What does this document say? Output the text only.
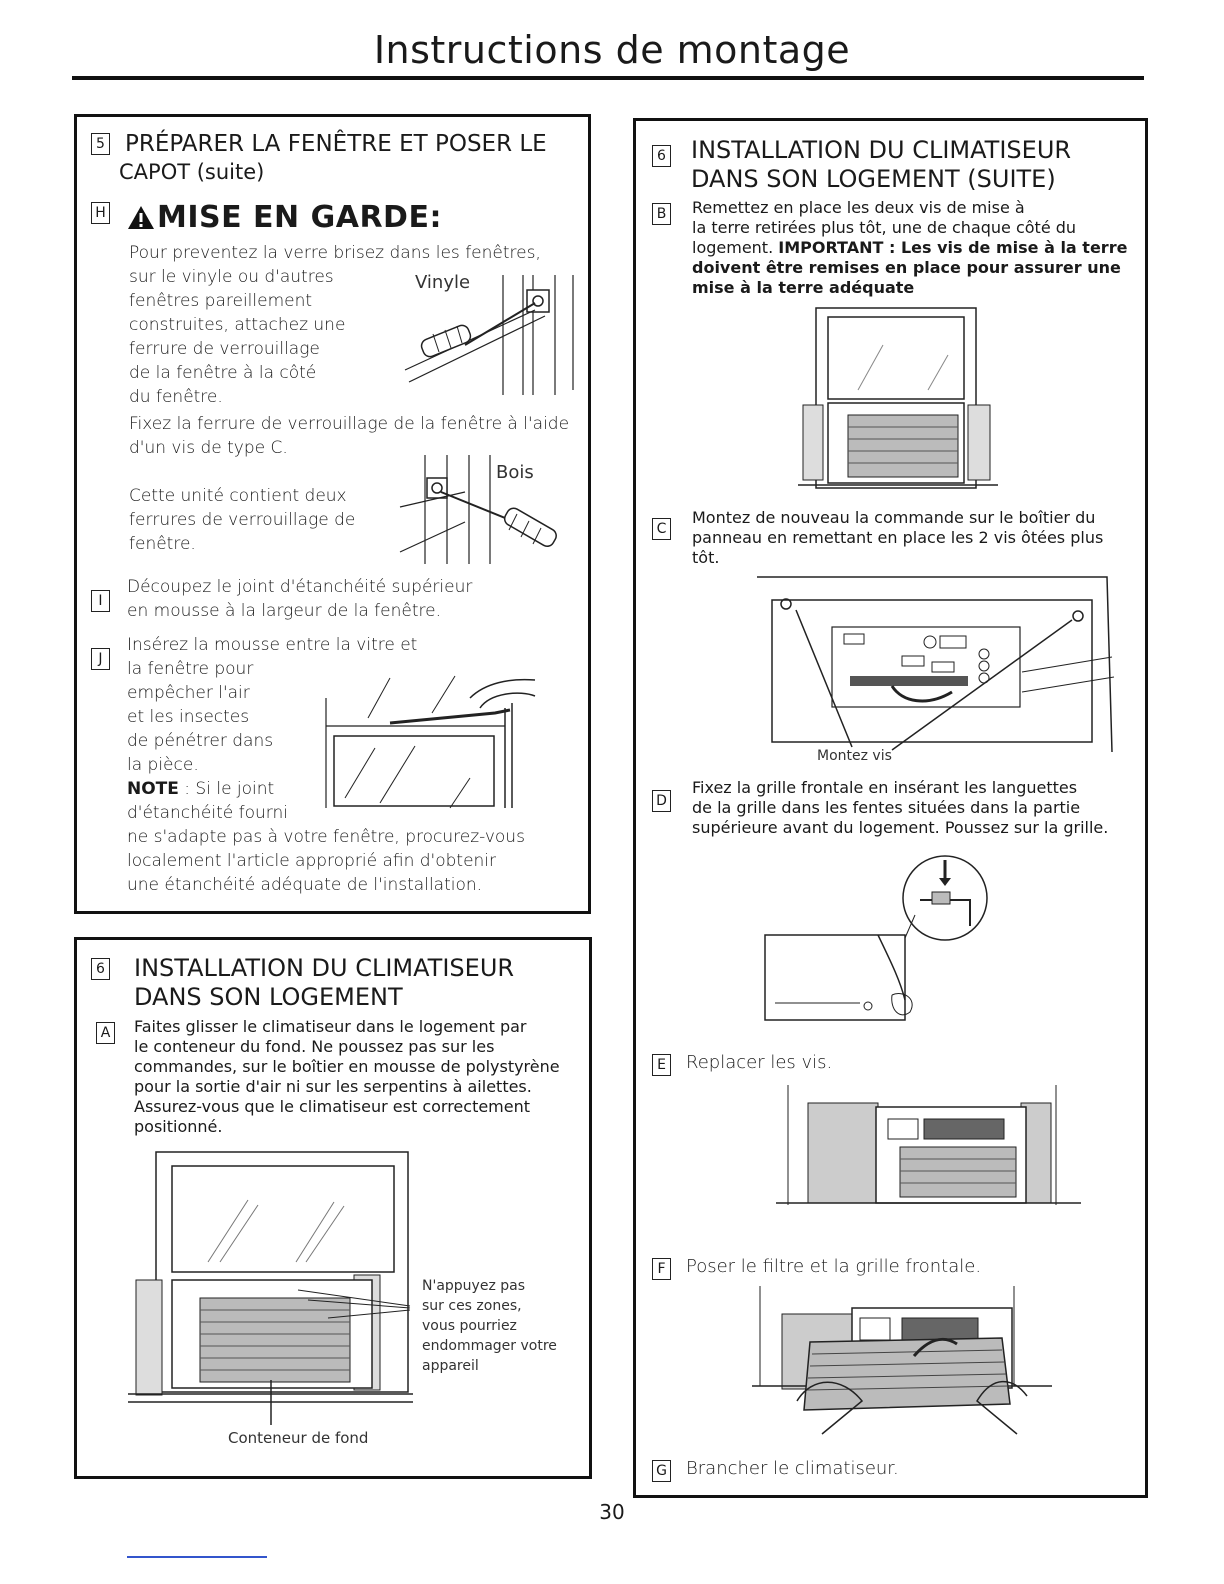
Instructions de montage
5 PRÉPARER LA FENÊTRE ET POSER LE
CAPOT (suite)
H MISE EN GARDE:
Pour preventez la verre brisez dans les fenêtres,
sur le vinyle ou d'autres
fenêtres pareillement
construites, attachez une
ferrure de verrouillage
de la fenêtre à la côté
du fenêtre.
Vinyle
Fixez la ferrure de verrouillage de la fenêtre à l'aide
d'un vis de type C.
Bois
Cette unité contient deux
ferrures de verrouillage de
fenêtre.
I
Découpez le joint d'étanchéité supérieur
en mousse à la largeur de la fenêtre.
J
Insérez la mousse entre la vitre et
la fenêtre pour
empêcher l'air
et les insectes
de pénétrer dans
la pièce.
NOTE : Si le joint
d'étanchéité fourni
ne s'adapte pas à votre fenêtre, procurez-vous
localement l'article approprié afin d'obtenir
une étanchéité adéquate de l'installation.
6 INSTALLATION DU CLIMATISEUR
DANS SON LOGEMENT
A Faites glisser le climatiseur dans le logement par
le conteneur du fond. Ne poussez pas sur les
commandes, sur le boîtier en mousse de polystyrène
pour la sortie d'air ni sur les serpentins à ailettes.
Assurez-vous que le climatiseur est correctement
positionné.
N'appuyez pas
sur ces zones,
vous pourriez
endommager votre
appareil
Conteneur de fond
6 INSTALLATION DU CLIMATISEUR
DANS SON LOGEMENT (SUITE)
B Remettez en place les deux vis de mise à
la terre retirées plus tôt, une de chaque côté du
logement. IMPORTANT : Les vis de mise à la terre
doivent être remises en place pour assurer une
mise à la terre adéquate
C
Montez de nouveau la commande sur le boîtier du
panneau en remettant en place les 2 vis ôtées plus
tôt.
Montez vis
D
Fixez la grille frontale en insérant les languettes
de la grille dans les fentes situées dans la partie
supérieure avant du logement. Poussez sur la grille.
E Replacer les vis.
F	Poser le filtre et la grille frontale.
G Brancher le climatiseur.
30
